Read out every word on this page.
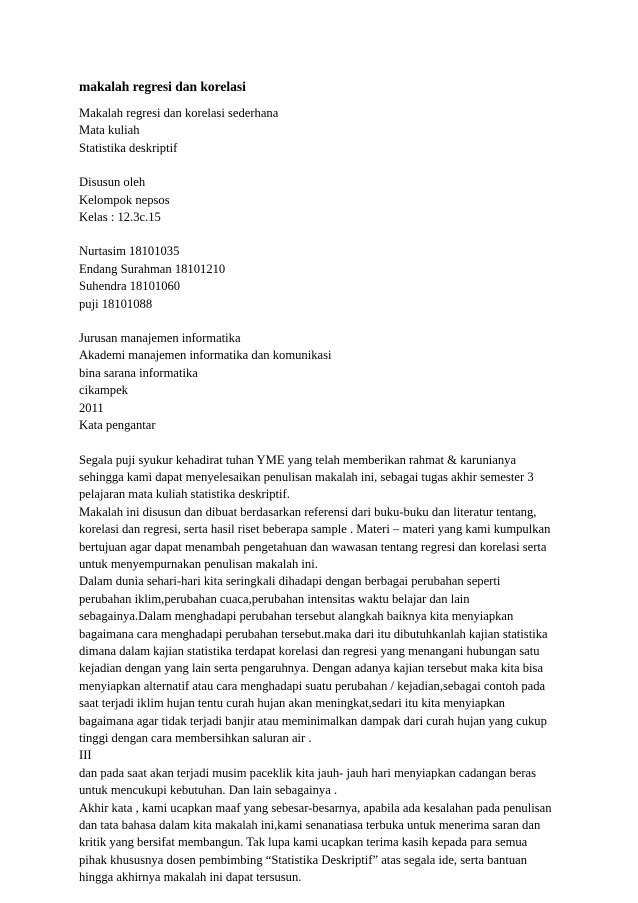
makalah regresi dan korelasi
Makalah regresi dan korelasi sederhana
Mata kuliah
Statistika deskriptif
Disusun oleh
Kelompok nepsos
Kelas : 12.3c.15
Nurtasim 18101035
Endang Surahman 18101210
Suhendra 18101060
puji 18101088
Jurusan manajemen informatika
Akademi manajemen informatika dan komunikasi
bina sarana informatika
cikampek
2011
Kata pengantar
Segala puji syukur kehadirat tuhan YME yang telah memberikan rahmat & karunianya
sehingga kami dapat menyelesaikan penulisan makalah ini, sebagai tugas akhir semester 3
pelajaran mata kuliah statistika deskriptif.
Makalah ini disusun dan dibuat berdasarkan referensi dari buku-buku dan literatur tentang,
korelasi dan regresi, serta hasil riset beberapa sample . Materi – materi yang kami kumpulkan
bertujuan agar dapat menambah pengetahuan dan wawasan tentang regresi dan korelasi serta
untuk menyempurnakan penulisan makalah ini.
Dalam dunia sehari-hari kita seringkali dihadapi dengan berbagai perubahan seperti
perubahan iklim,perubahan cuaca,perubahan intensitas waktu belajar dan lain
sebagainya.Dalam menghadapi perubahan tersebut alangkah baiknya kita menyiapkan
bagaimana cara menghadapi perubahan tersebut.maka dari itu dibutuhkanlah kajian statistika
dimana dalam kajian statistika terdapat korelasi dan regresi yang menangani hubungan satu
kejadian dengan yang lain serta pengaruhnya. Dengan adanya kajian tersebut maka kita bisa
menyiapkan alternatif atau cara menghadapi suatu perubahan / kejadian,sebagai contoh pada
saat terjadi iklim hujan tentu curah hujan akan meningkat,sedari itu kita menyiapkan
bagaimana agar tidak terjadi banjir atau meminimalkan dampak dari curah hujan yang cukup
tinggi dengan cara membersihkan saluran air .
III
dan pada saat akan terjadi musim paceklik kita jauh- jauh hari menyiapkan cadangan beras
untuk mencukupi kebutuhan. Dan lain sebagainya .
Akhir kata , kami ucapkan maaf yang sebesar-besarnya, apabila ada kesalahan pada penulisan
dan tata bahasa dalam kita makalah ini,kami senanatiasa terbuka untuk menerima saran dan
kritik yang bersifat membangun. Tak lupa kami ucapkan terima kasih kepada para semua
pihak khususnya dosen pembimbing “Statistika Deskriptif” atas segala ide, serta bantuan
hingga akhirnya makalah ini dapat tersusun.
